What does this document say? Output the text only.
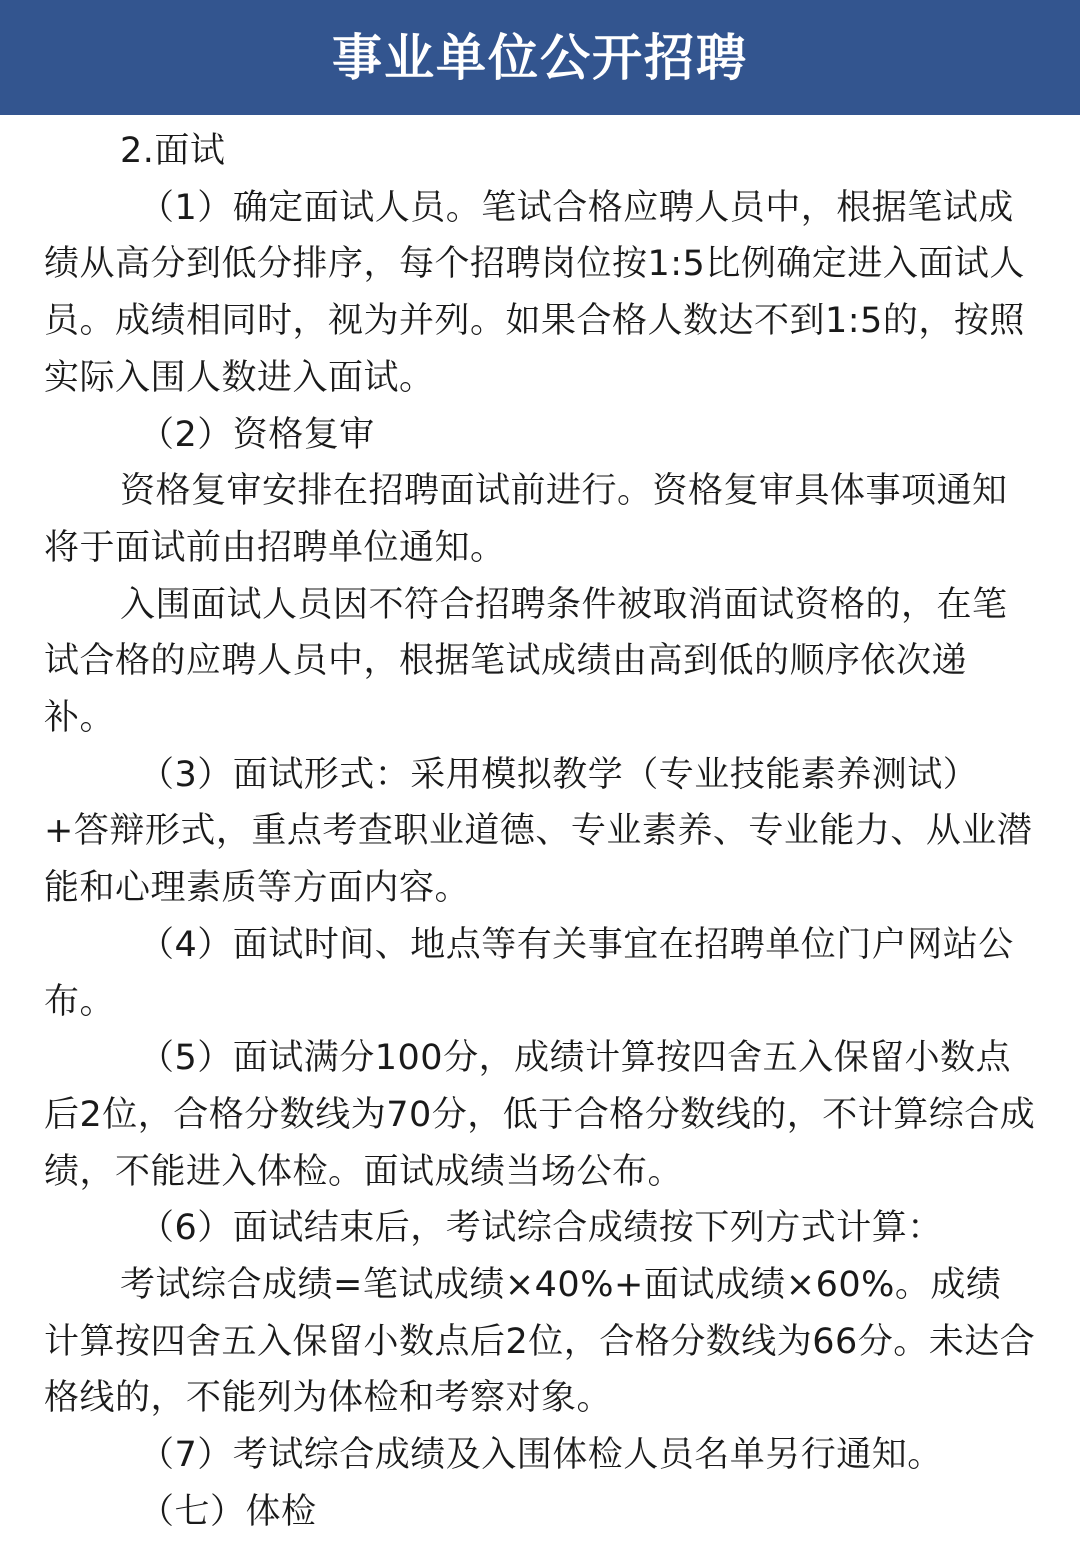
事业单位公开招聘

2.面试

（1）确定面试人员。笔试合格应聘人员中，根据笔试成绩从高分到低分排序，每个招聘岗位按1:5比例确定进入面试人员。成绩相同时，视为并列。如果合格人数达不到1:5的，按照实际入围人数进入面试。

（2）资格复审

资格复审安排在招聘面试前进行。资格复审具体事项通知将于面试前由招聘单位通知。

入围面试人员因不符合招聘条件被取消面试资格的，在笔试合格的应聘人员中，根据笔试成绩由高到低的顺序依次递补。

（3）面试形式：采用模拟教学（专业技能素养测试）+答辩形式，重点考查职业道德、专业素养、专业能力、从业潜能和心理素质等方面内容。

（4）面试时间、地点等有关事宜在招聘单位门户网站公布。

（5）面试满分100分，成绩计算按四舍五入保留小数点后2位，合格分数线为70分，低于合格分数线的，不计算综合成绩，不能进入体检。面试成绩当场公布。

（6）面试结束后，考试综合成绩按下列方式计算：

考试综合成绩=笔试成绩×40%+面试成绩×60%。成绩计算按四舍五入保留小数点后2位，合格分数线为66分。未达合格线的，不能列为体检和考察对象。

（7）考试综合成绩及入围体检人员名单另行通知。

（七）体检
